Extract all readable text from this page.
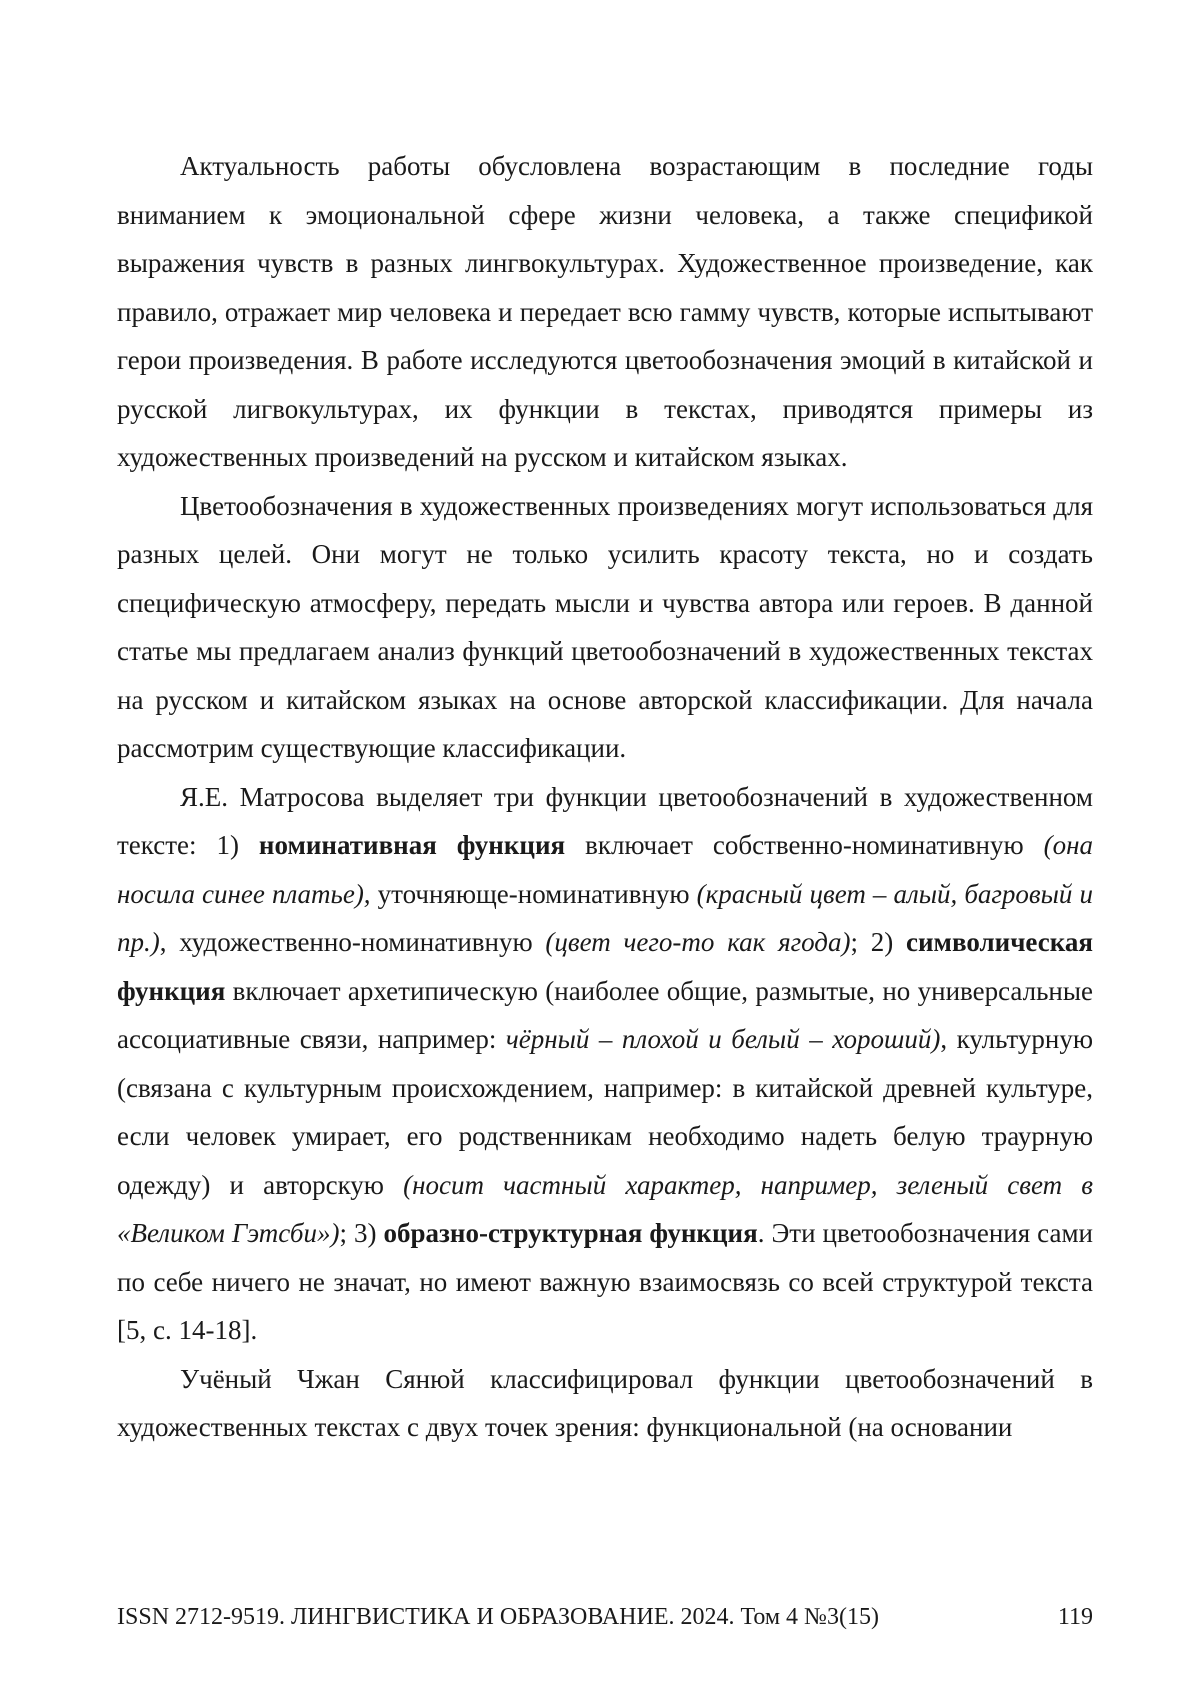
Актуальность работы обусловлена возрастающим в последние годы вниманием к эмоциональной сфере жизни человека, а также спецификой выражения чувств в разных лингвокультурах. Художественное произведение, как правило, отражает мир человека и передает всю гамму чувств, которые испытывают герои произведения. В работе исследуются цветообозначения эмоций в китайской и русской лигвокультурах, их функции в текстах, приводятся примеры из художественных произведений на русском и китайском языках.

Цветообозначения в художественных произведениях могут использоваться для разных целей. Они могут не только усилить красоту текста, но и создать специфическую атмосферу, передать мысли и чувства автора или героев. В данной статье мы предлагаем анализ функций цветообозначений в художественных текстах на русском и китайском языках на основе авторской классификации. Для начала рассмотрим существующие классификации.

Я.Е. Матросова выделяет три функции цветообозначений в художественном тексте: 1) номинативная функция включает собственно-номинативную (она носила синее платье), уточняюще-номинативную (красный цвет – алый, багровый и пр.), художественно-номинативную (цвет чего-то как ягода); 2) символическая функция включает архетипическую (наиболее общие, размытые, но универсальные ассоциативные связи, например: чёрный – плохой и белый – хороший), культурную (связана с культурным происхождением, например: в китайской древней культуре, если человек умирает, его родственникам необходимо надеть белую траурную одежду) и авторскую (носит частный характер, например, зеленый свет в «Великом Гэтсби»); 3) образно-структурная функция. Эти цветообозначения сами по себе ничего не значат, но имеют важную взаимосвязь со всей структурой текста [5, с. 14-18].

Учёный Чжан Сянюй классифицировал функции цветообозначений в художественных текстах с двух точек зрения: функциональной (на основании

ISSN 2712-9519. ЛИНГВИСТИКА И ОБРАЗОВАНИЕ. 2024. Том 4 №3(15)	119
